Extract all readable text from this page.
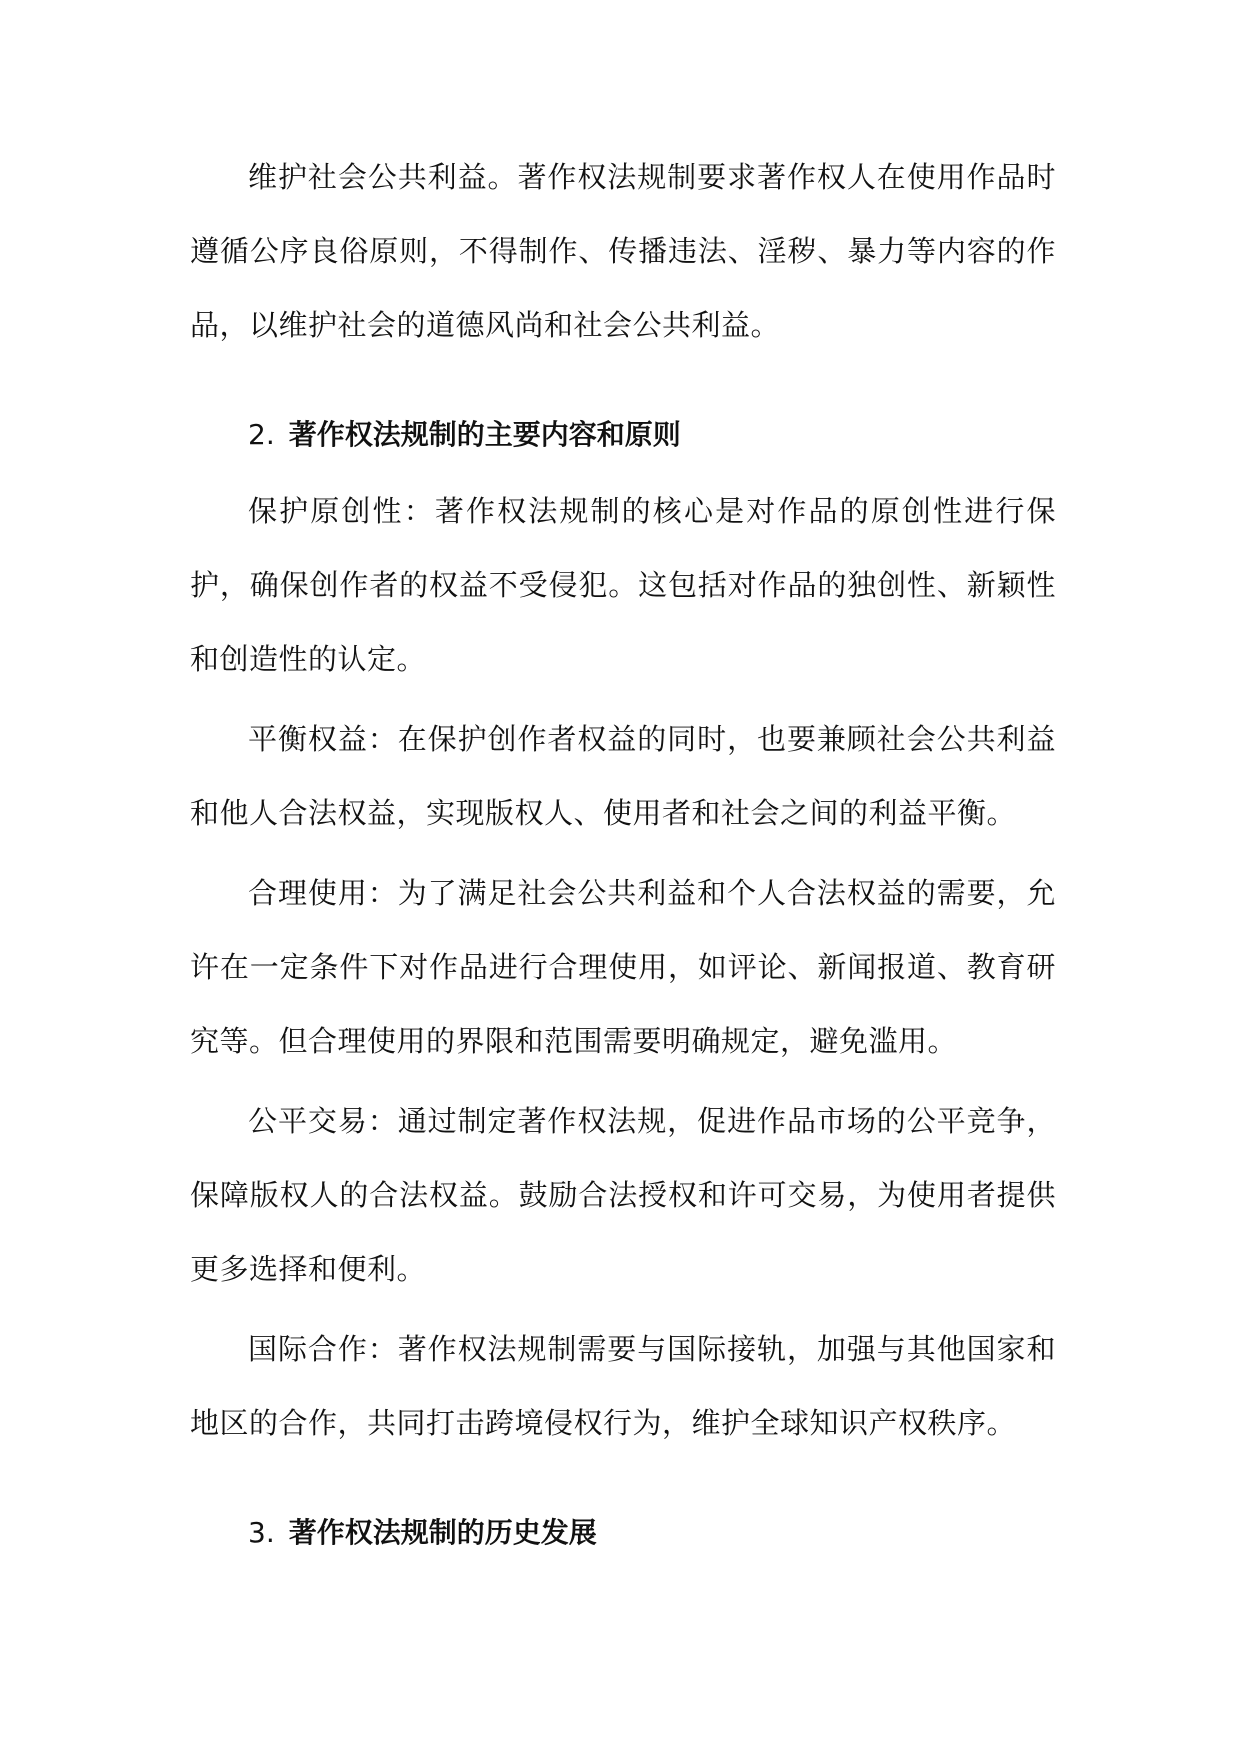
维护社会公共利益。著作权法规制要求著作权人在使用作品时遵循公序良俗原则，不得制作、传播违法、淫秽、暴力等内容的作品，以维护社会的道德风尚和社会公共利益。

2. 著作权法规制的主要内容和原则

保护原创性：著作权法规制的核心是对作品的原创性进行保护，确保创作者的权益不受侵犯。这包括对作品的独创性、新颖性和创造性的认定。

平衡权益：在保护创作者权益的同时，也要兼顾社会公共利益和他人合法权益，实现版权人、使用者和社会之间的利益平衡。

合理使用：为了满足社会公共利益和个人合法权益的需要，允许在一定条件下对作品进行合理使用，如评论、新闻报道、教育研究等。但合理使用的界限和范围需要明确规定，避免滥用。

公平交易：通过制定著作权法规，促进作品市场的公平竞争，保障版权人的合法权益。鼓励合法授权和许可交易，为使用者提供更多选择和便利。

国际合作：著作权法规制需要与国际接轨，加强与其他国家和地区的合作，共同打击跨境侵权行为，维护全球知识产权秩序。

3. 著作权法规制的历史发展
